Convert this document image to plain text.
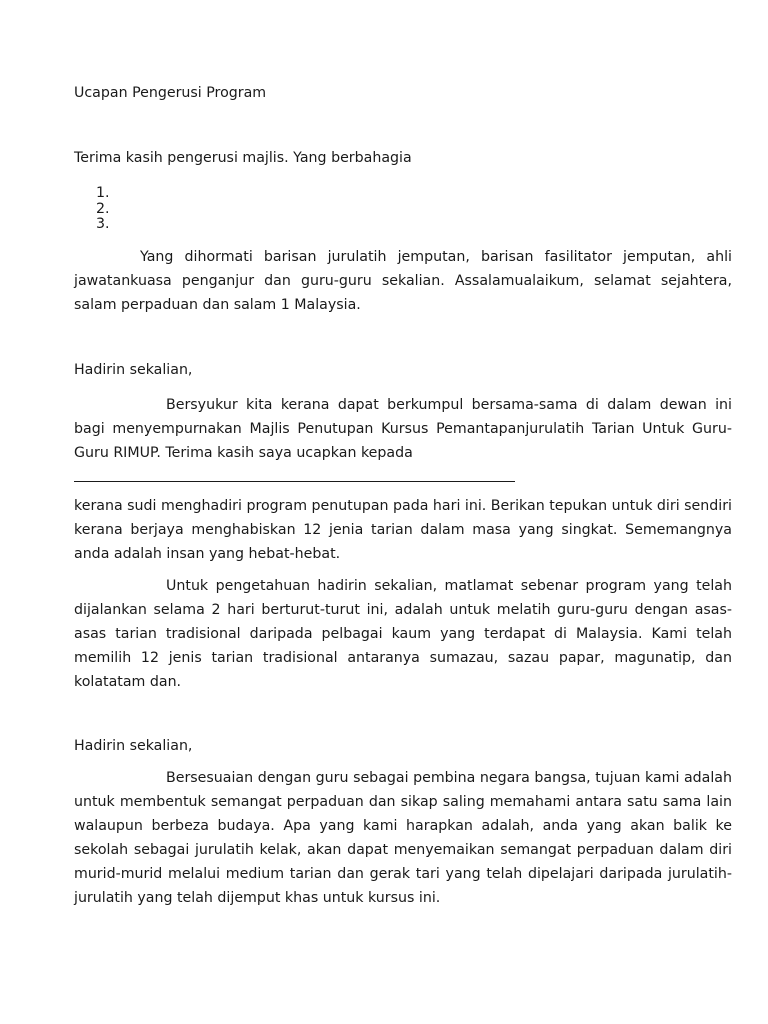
Ucapan Pengerusi Program
Terima kasih pengerusi majlis. Yang berbahagia
1.
2.
3.

Yang dihormati barisan jurulatih jemputan, barisan fasilitator jemputan, ahli jawatankuasa penganjur dan guru-guru sekalian. Assalamualaikum, selamat sejahtera, salam perpaduan dan salam 1 Malaysia.

Hadirin sekalian,

Bersyukur kita kerana dapat berkumpul bersama-sama di dalam dewan ini bagi menyempurnakan Majlis Penutupan Kursus Pemantapanjurulatih Tarian Untuk Guru-Guru RIMUP. Terima kasih saya ucapkan kepada

kerana sudi menghadiri program penutupan pada hari ini. Berikan tepukan untuk diri sendiri kerana berjaya menghabiskan 12 jenia tarian dalam masa yang singkat. Sememangnya anda adalah insan yang hebat-hebat.

Untuk pengetahuan hadirin sekalian, matlamat sebenar program yang telah dijalankan selama 2 hari berturut-turut ini, adalah untuk melatih guru-guru dengan asas-asas tarian tradisional daripada pelbagai kaum yang terdapat di Malaysia. Kami telah memilih 12 jenis tarian tradisional antaranya sumazau, sazau papar, magunatip, dan kolatatam dan.

Hadirin sekalian,

Bersesuaian dengan guru sebagai pembina negara bangsa, tujuan kami adalah untuk membentuk semangat perpaduan dan sikap saling memahami antara satu sama lain walaupun berbeza budaya. Apa yang kami harapkan adalah, anda yang akan balik ke sekolah sebagai jurulatih kelak, akan dapat menyemaikan semangat perpaduan dalam diri murid-murid melalui medium tarian dan gerak tari yang telah dipelajari daripada jurulatih-jurulatih yang telah dijemput khas untuk kursus ini.
